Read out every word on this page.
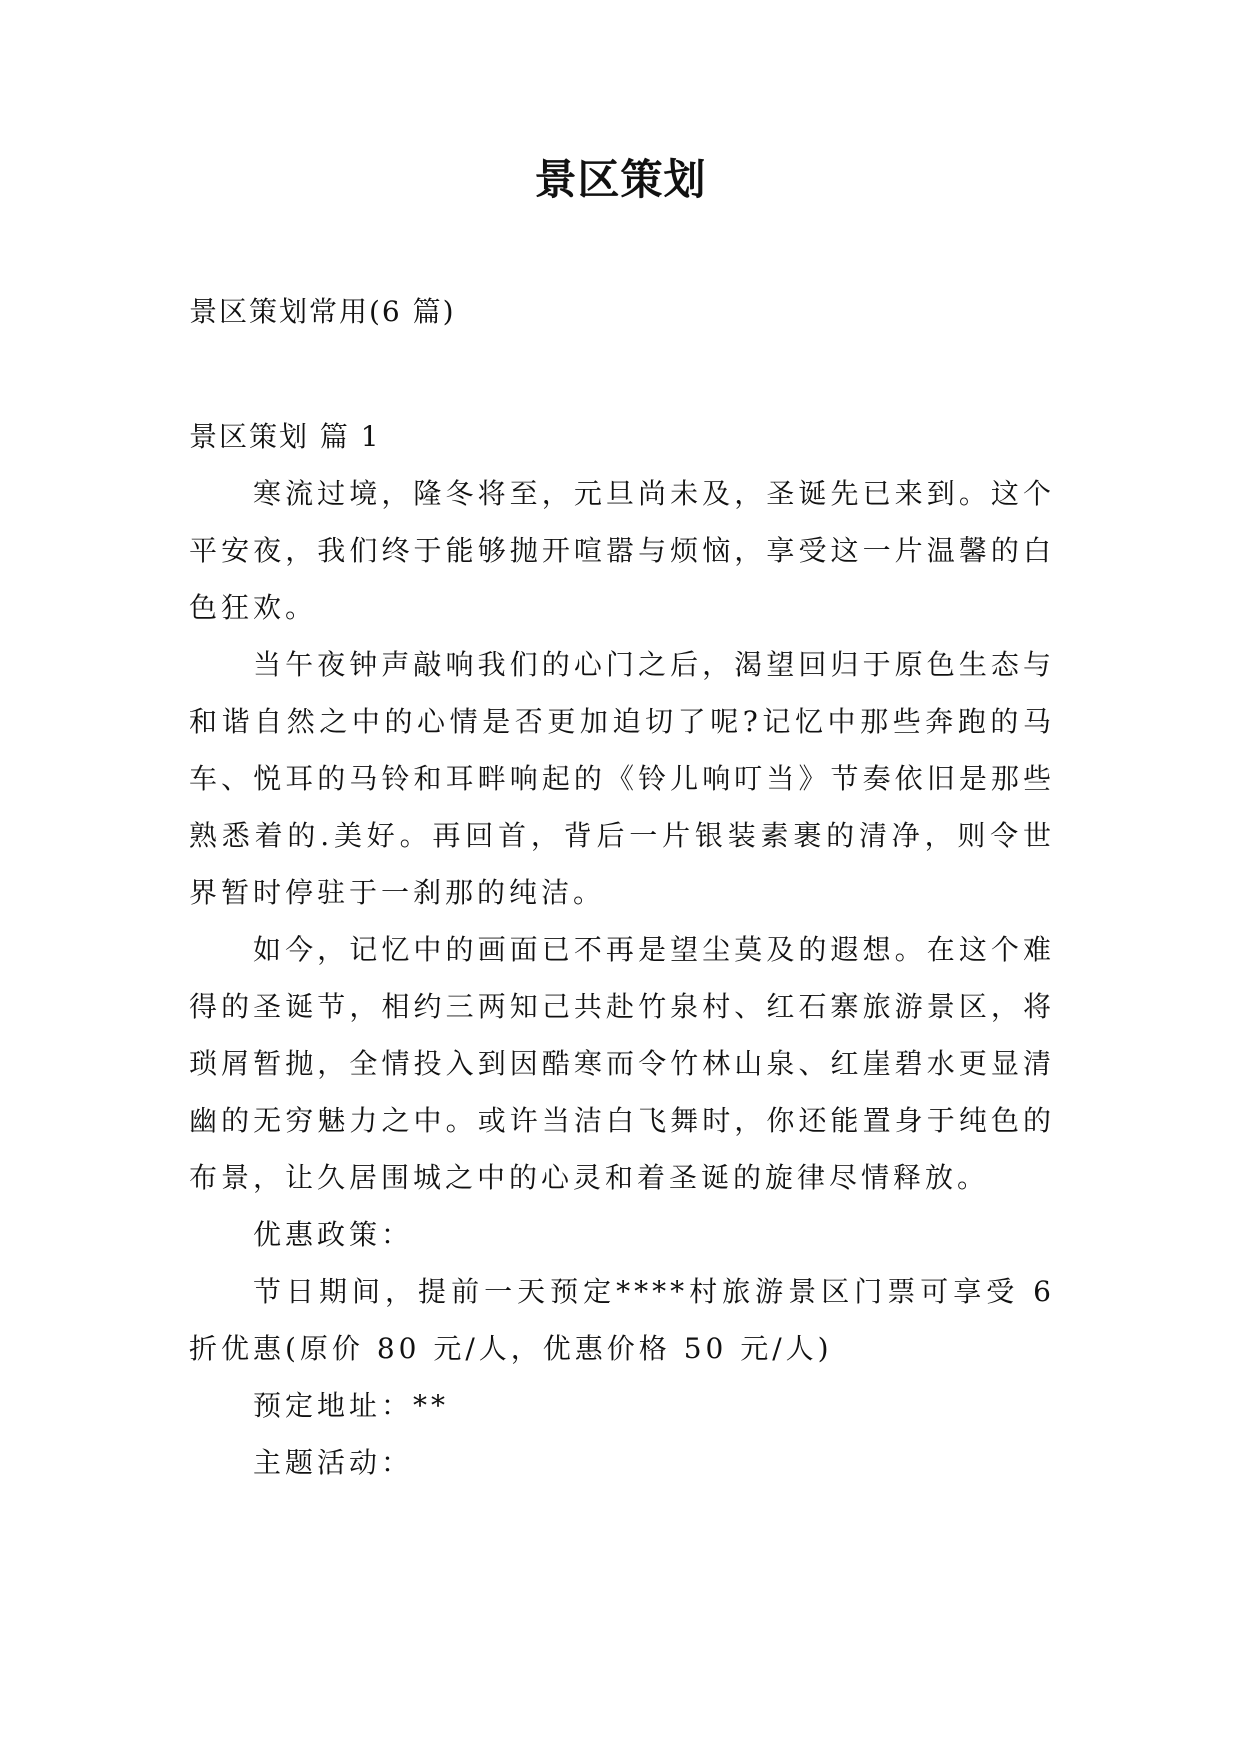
景区策划
景区策划常用(6 篇)

景区策划 篇 1

寒流过境，隆冬将至，元旦尚未及，圣诞先已来到。这个平安夜，我们终于能够抛开喧嚣与烦恼，享受这一片温馨的白色狂欢。

当午夜钟声敲响我们的心门之后，渴望回归于原色生态与和谐自然之中的心情是否更加迫切了呢?记忆中那些奔跑的马车、悦耳的马铃和耳畔响起的《铃儿响叮当》节奏依旧是那些熟悉着的.美好。再回首，背后一片银装素裹的清净，则令世界暂时停驻于一刹那的纯洁。

如今，记忆中的画面已不再是望尘莫及的遐想。在这个难得的圣诞节，相约三两知己共赴竹泉村、红石寨旅游景区，将琐屑暂抛，全情投入到因酷寒而令竹林山泉、红崖碧水更显清幽的无穷魅力之中。或许当洁白飞舞时，你还能置身于纯色的布景，让久居围城之中的心灵和着圣诞的旋律尽情释放。

优惠政策：

节日期间，提前一天预定****村旅游景区门票可享受 6 折优惠(原价 80 元/人，优惠价格 50 元/人)

预定地址：**

主题活动：
